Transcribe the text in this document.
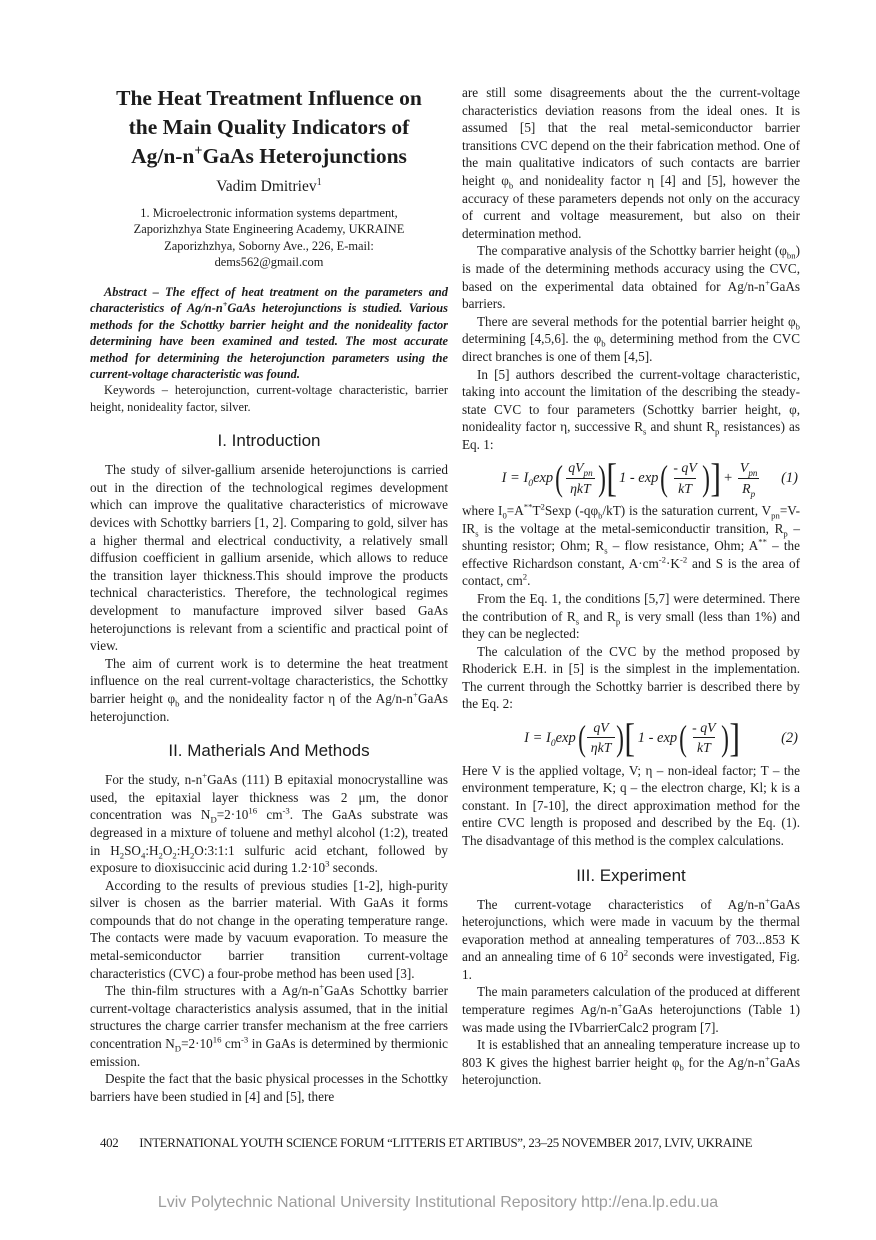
The Heat Treatment Influence on
the Main Quality Indicators of
Ag/n-n+GaAs Heterojunctions
Vadim Dmitriev$^1$
1. Microelectronic information systems department,
Zaporizhzhya State Engineering Academy, UKRAINE
Zaporizhzhya, Soborny Ave., 226, E-mail:
dems562@gmail.com

Abstract – The effect of heat treatment on the parameters and characteristics of Ag/n-n+GaAs heterojunctions is studied. Various methods for the Schottky barrier height and the nonideality factor determining have been examined and tested. The most accurate method for determining the heterojunction parameters using the current-voltage characteristic was found.

Keywords – heterojunction, current-voltage characteristic, barrier height, nonideality factor, silver.

I. Introduction

The study of silver-gallium arsenide heterojunctions is carried out in the direction of the technological regimes development which can improve the qualitative characteristics of microwave devices with Schottky barriers [1, 2]. Comparing to gold, silver has a higher thermal and electrical conductivity, a relatively small diffusion coefficient in gallium arsenide, which allows to reduce the transition layer thickness.This should improve the products technical characteristics. Therefore, the technological regimes development to manufacture improved silver based GaAs heterojunctions is relevant from a scientific and practical point of view.

The aim of current work is to determine the heat treatment influence on the real current-voltage characteristics, the Schottky barrier height $\varphi_b$ and the nonideality factor η of the Ag/n-n+GaAs heterojunction.

II. Matherials And Methods

For the study, n-n+GaAs (111) B epitaxial monocrystalline was used, the epitaxial layer thickness was 2 μm, the donor concentration was $N_D=2\cdot 10^{16}$ $cm^{-3}$. The GaAs substrate was degreased in a mixture of toluene and methyl alcohol (1:2), treated in $H_2SO_4:H_2O_2:H_2O:3:1:1$ sulfuric acid etchant, followed by exposure to dioxisuccinic acid during $1.2\cdot 10^3$ seconds.

According to the results of previous studies [1-2], high-purity silver is chosen as the barrier material. With GaAs it forms compounds that do not change in the operating temperature range. The contacts were made by vacuum evaporation. To measure the metal-semiconductor barrier transition current-voltage characteristics (CVC) a four-probe method has been used [3].

The thin-film structures with a Ag/n-n+GaAs Schottky barrier current-voltage characteristics analysis assumed, that in the initial structures the charge carrier transfer mechanism at the free carriers concentration $N_D=2\cdot 10^{16}$ $cm^{-3}$ in GaAs is determined by thermionic emission.

Despite the fact that the basic physical processes in the Schottky barriers have been studied in [4] and [5], there

are still some disagreements about the the current-voltage characteristics deviation reasons from the ideal ones. It is assumed [5] that the real metal-semiconductor barrier transitions CVC depend on the their fabrication method. One of the main qualitative indicators of such contacts are barrier height $\varphi_b$ and nonideality factor η [4] and [5], however the accuracy of these parameters depends not only on the accuracy of current and voltage measurement, but also on their determination method.

The comparative analysis of the Schottky barrier height $(\varphi_{bn})$ is made of the determining methods accuracy using the CVC, based on the experimental data obtained for Ag/n-n+GaAs barriers.

There are several methods for the potential barrier height $\varphi_b$ determining [4,5,6]. the $\varphi_b$ determining method from the CVC direct branches is one of them [4,5].

In [5] authors described the current-voltage characteristic, taking into account the limitation of the describing the steady-state CVC to four parameters (Schottky barrier height, φ, nonideality factor η, successive $R_s$ and shunt $R_p$ resistances) as Eq. 1:

$I = I_0\exp$ ( $\frac{qV_{pn}}{\text{ηkT}}$ ) [ 1 - exp ( $\frac{- qV}{kT}$ ) ] + $\frac{V_{pn}}{R_p} (1)$

where $I_0=A^{**}T^2Sexp$ $(-q\varphi_b/kT)$ is the saturation current, $V_{pn}=V-IR_s$ is the voltage at the metal-semiconductir transition, $R_p$ – shunting resistor; Ohm; $R_s$ – flow resistance, Ohm; A** – the effective Richardson constant, $A\cdot cm^{-2}\cdot K^{-2}$ and S is the area of contact, $cm^2$.

From the Eq. 1, the conditions [5,7] were determined. There the contribution of $R_s$ and $R_p$ is very small (less than 1%) and they can be neglected:

The calculation of the CVC by the method proposed by Rhoderick E.H. in [5] is the simplest in the implementation. The current through the Schottky barrier is described there by the Eq. 2:

$I = I_0\exp$ ( $\frac{qV}{\text{ηkT}}$ ) [ 1 - exp ( $\frac{- qV}{kT}$ ) ]	(2)

Here V is the applied voltage, V; η – non-ideal factor; T – the environment temperature, K; q – the electron charge, Kl; k is a constant. In [7-10], the direct approximation method for the entire CVC length is proposed and described by the Eq. (1). The disadvantage of this method is the complex calculations.

III. Experiment

The current-votage characteristics of Ag/n-n+GaAs heterojunctions, which were made in vacuum by the thermal evaporation method at annealing temperatures of 703...853 K and an annealing time of 6 $10^2$ seconds were investigated, Fig. 1.

The main parameters calculation of the produced at different temperature regimes Ag/n-n+GaAs heterojunctions (Table 1) was made using the IVbarrierCalc2 program [7].

It is established that an annealing temperature increase up to 803 K gives the highest barrier height $\varphi_b$ for the Ag/n-n+GaAs heterojunction.

402 INTERNATIONAL YOUTH SCIENCE FORUM “LITTERIS ET ARTIBUS”, 23–25 NOVEMBER 2017, LVIV, UKRAINE
Lviv Polytechnic National University Institutional Repository http://ena.lp.edu.ua
